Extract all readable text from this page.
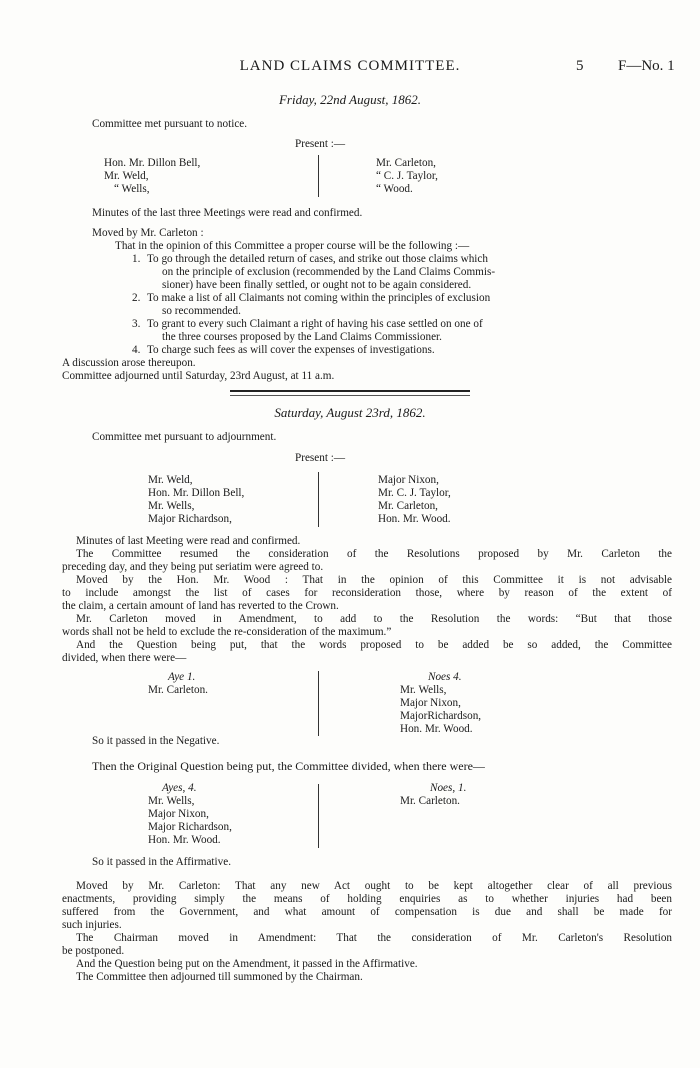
LAND CLAIMS COMMITTEE.	5 F—No. 1
Friday, 22nd August, 1862.
Committee met pursuant to notice.
Present :—
Hon. Mr. Dillon Bell,
Mr. Weld,
“ Wells,
Mr. Carleton,
“ C. J. Taylor,
“ Wood.
Minutes of the last three Meetings were read and confirmed.
Moved by Mr. Carleton :
That in the opinion of this Committee a proper course will be the following :—
1. To go through the detailed return of cases, and strike out those claims which
on the principle of exclusion (recommended by the Land Claims Commis-
sioner) have been finally settled, or ought not to be again considered.
2. To make a list of all Claimants not coming within the principles of exclusion
so recommended.
3. To grant to every such Claimant a right of having his case settled on one of
the three courses proposed by the Land Claims Commissioner.
4. To charge such fees as will cover the expenses of investigations.
A discussion arose thereupon.
Committee adjourned until Saturday, 23rd August, at 11 a.m.
Saturday, August 23rd, 1862.
Committee met pursuant to adjournment.
Present :—
Mr. Weld,
Hon. Mr. Dillon Bell,
Mr. Wells,
Major Richardson,
Major Nixon,
Mr. C. J. Taylor,
Mr. Carleton,
Hon. Mr. Wood.
Minutes of last Meeting were read and confirmed.
The Committee resumed the consideration of the Resolutions proposed by Mr. Carleton the
preceding day, and they being put seriatim were agreed to.
Moved by the Hon. Mr. Wood : That in the opinion of this Committee it is not advisable
to include amongst the list of cases for reconsideration those, where by reason of the extent of
the claim, a certain amount of land has reverted to the Crown.
Mr. Carleton moved in Amendment, to add to the Resolution the words: “But that those
words shall not be held to exclude the re-consideration of the maximum.”
And the Question being put, that the words proposed to be added be so added, the Committee
divided, when there were—
Aye 1.
Mr. Carleton.
Noes 4.
Mr. Wells,
Major Nixon,
MajorRichardson,
Hon. Mr. Wood.
So it passed in the Negative.
Then the Original Question being put, the Committee divided, when there were—
Ayes, 4.
Mr. Wells,
Major Nixon,
Major Richardson,
Hon. Mr. Wood.
Noes, 1.
Mr. Carleton.
So it passed in the Affirmative.
Moved by Mr. Carleton: That any new Act ought to be kept altogether clear of all previous
enactments, providing simply the means of holding enquiries as to whether injuries had been
suffered from the Government, and what amount of compensation is due and shall be made for
such injuries.
The Chairman moved in Amendment: That the consideration of Mr. Carleton's Resolution
be postponed.
And the Question being put on the Amendment, it passed in the Affirmative.
The Committee then adjourned till summoned by the Chairman.
